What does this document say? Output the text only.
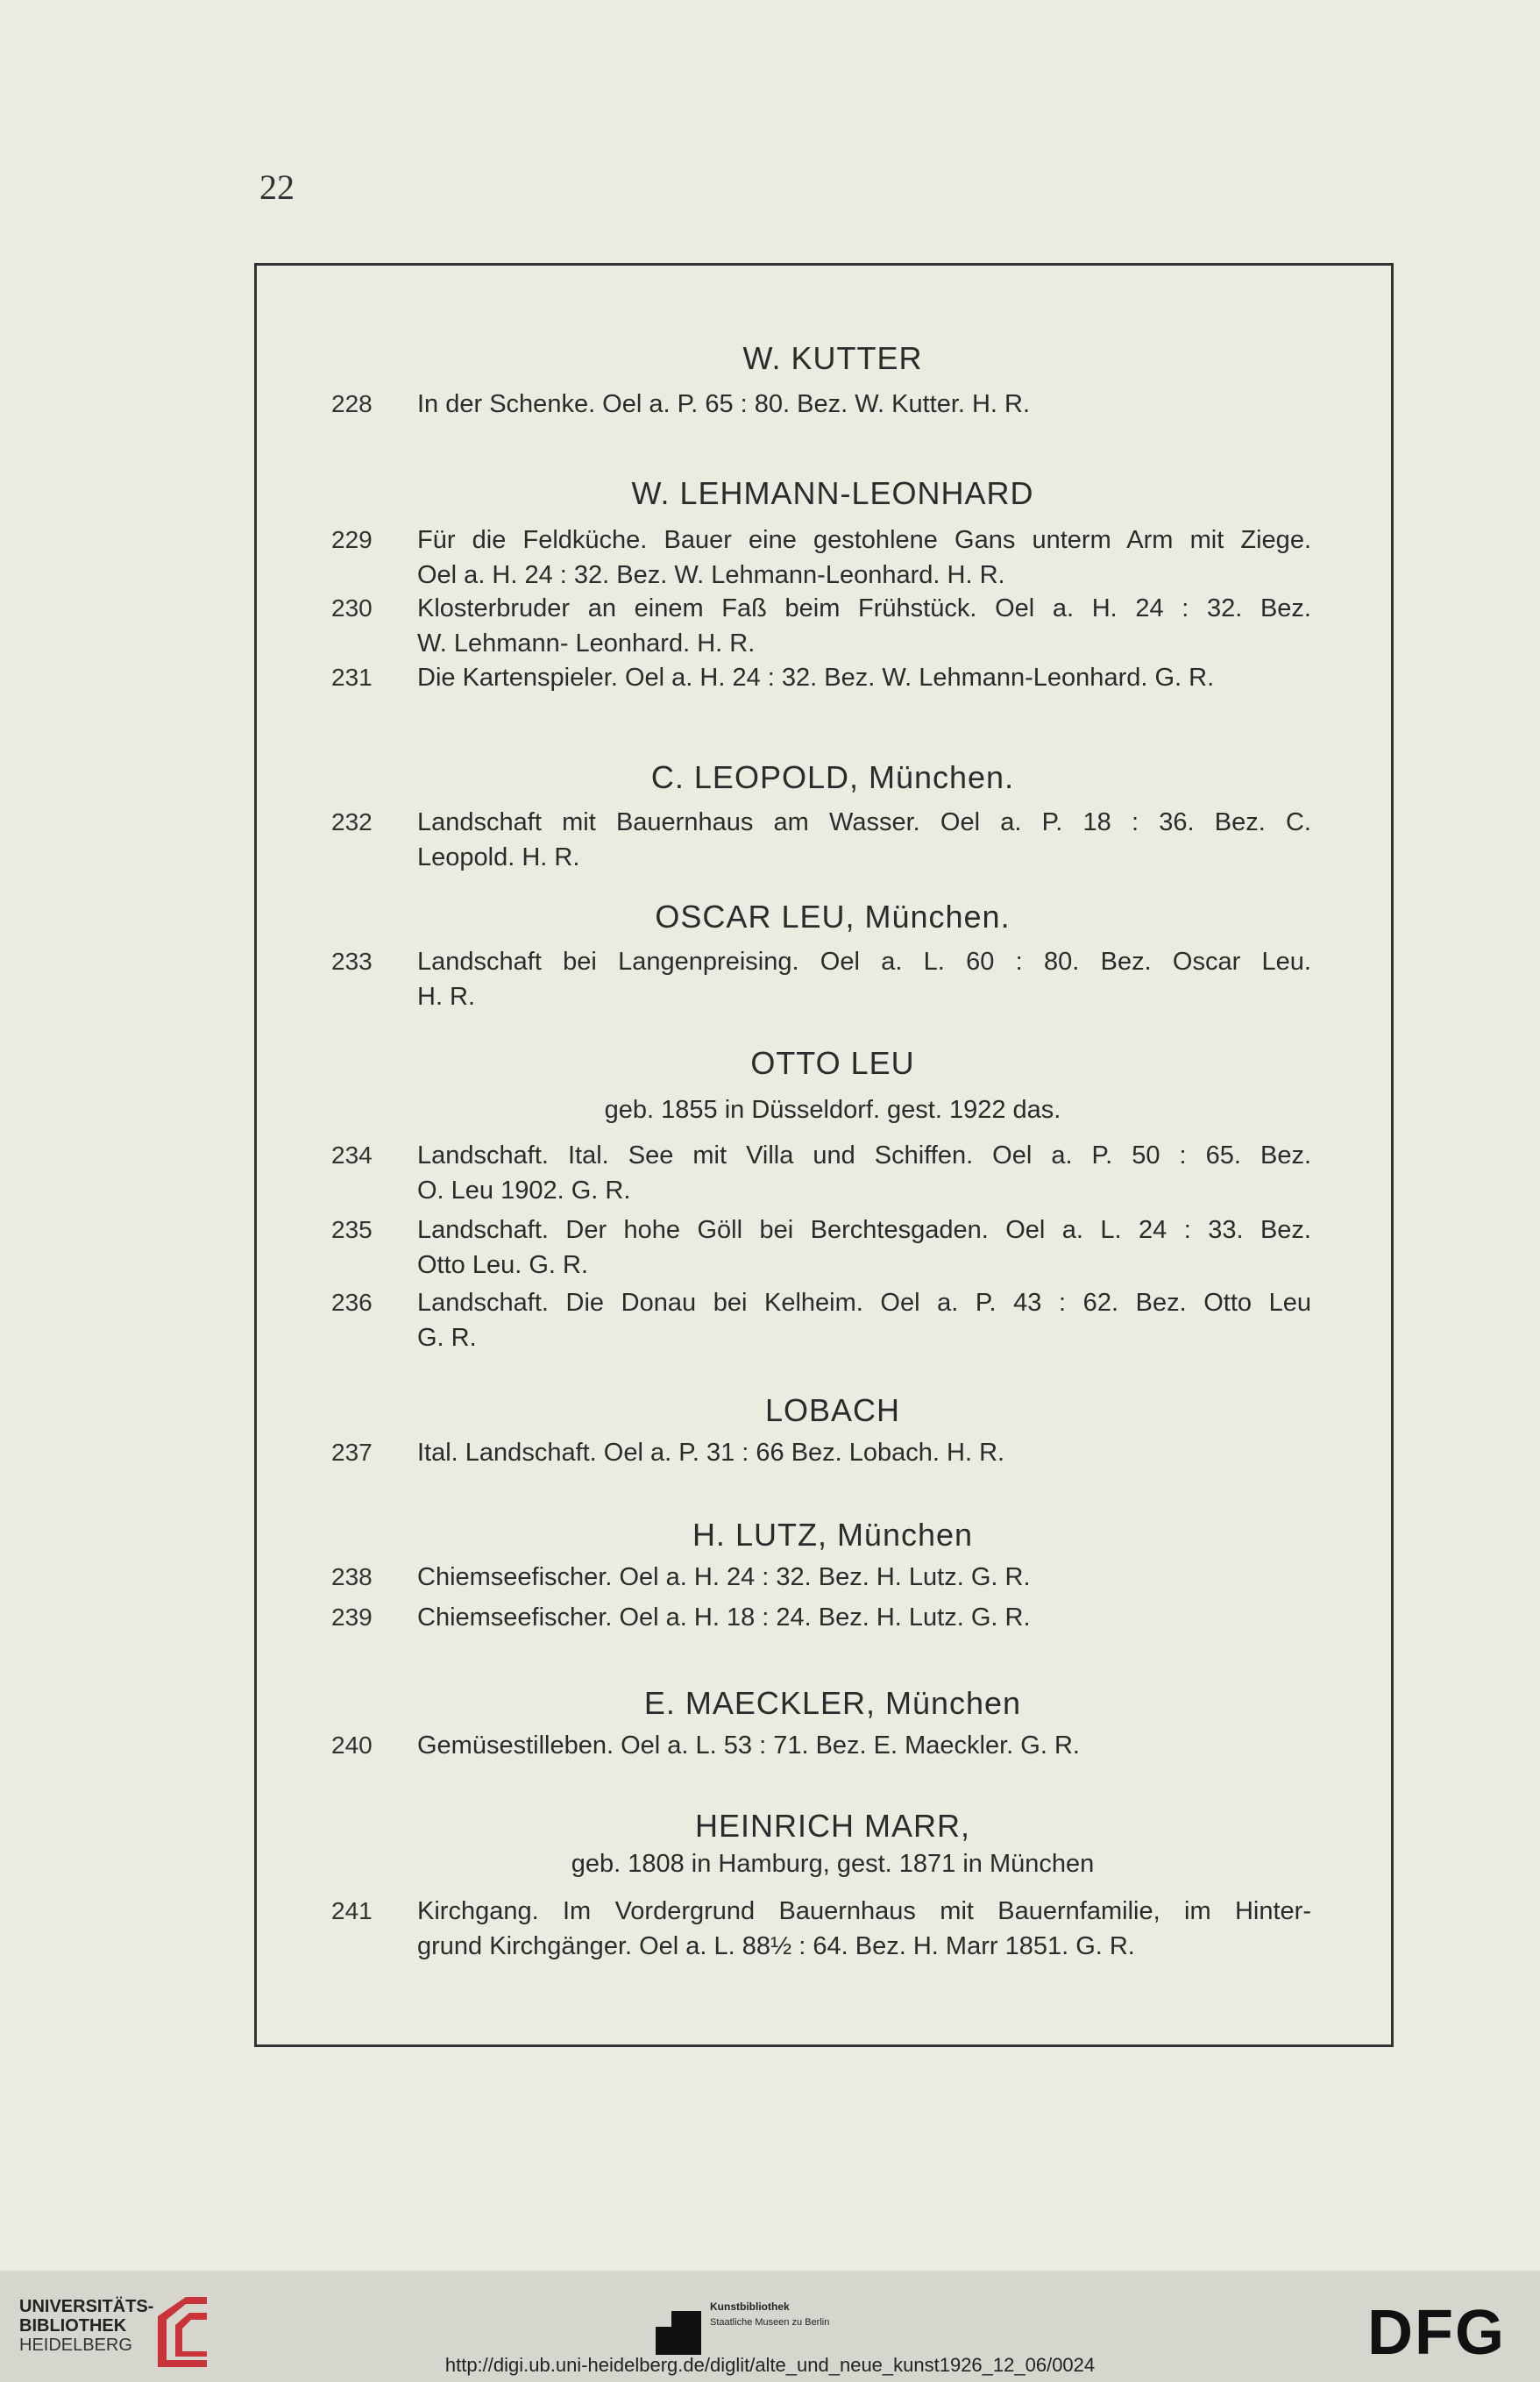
22
W. KUTTER
228	In der Schenke. Oel a. P. 65 : 80. Bez. W. Kutter. H. R.
W. LEHMANN-LEONHARD
229	Für die Feldküche. Bauer eine gestohlene Gans unterm Arm mit Ziege.
Oel a. H. 24 : 32. Bez. W. Lehmann-Leonhard. H. R.
230	Klosterbruder an einem Faß beim Frühstück. Oel a. H. 24 : 32. Bez.
W. Lehmann- Leonhard. H. R.
231	Die Kartenspieler. Oel a. H. 24 : 32. Bez. W. Lehmann-Leonhard. G. R.
C. LEOPOLD, München.
232	Landschaft mit Bauernhaus am Wasser. Oel a. P. 18 : 36. Bez. C.
Leopold. H. R.
OSCAR LEU, München.
233	Landschaft bei Langenpreising. Oel a. L. 60 : 80. Bez. Oscar Leu.
H. R.
OTTO LEU
geb. 1855 in Düsseldorf. gest. 1922 das.
234	Landschaft. Ital. See mit Villa und Schiffen. Oel a. P. 50 : 65. Bez.
O. Leu 1902. G. R.
235	Landschaft. Der hohe Göll bei Berchtesgaden. Oel a. L. 24 : 33. Bez.
Otto Leu. G. R.
236	Landschaft. Die Donau bei Kelheim. Oel a. P. 43 : 62. Bez. Otto Leu
G. R.
LOBACH
237	Ital. Landschaft. Oel a. P. 31 : 66 Bez. Lobach. H. R.
H. LUTZ, München
238	Chiemseefischer. Oel a. H. 24 : 32. Bez. H. Lutz. G. R.
239	Chiemseefischer. Oel a. H. 18 : 24. Bez. H. Lutz. G. R.
E. MAECKLER, München
240	Gemüsestilleben. Oel a. L. 53 : 71. Bez. E. Maeckler. G. R.
HEINRICH MARR,
geb. 1808 in Hamburg, gest. 1871 in München
241	Kirchgang. Im Vordergrund Bauernhaus mit Bauernfamilie, im Hinter-
grund Kirchgänger. Oel a. L. 88½ : 64. Bez. H. Marr 1851. G. R.
UNIVERSITÄTS-
BIBLIOTHEK
HEIDELBERG
Kunstbibliothek
Staatliche Museen zu Berlin	DFG
http://digi.ub.uni-heidelberg.de/diglit/alte_und_neue_kunst1926_12_06/0024
